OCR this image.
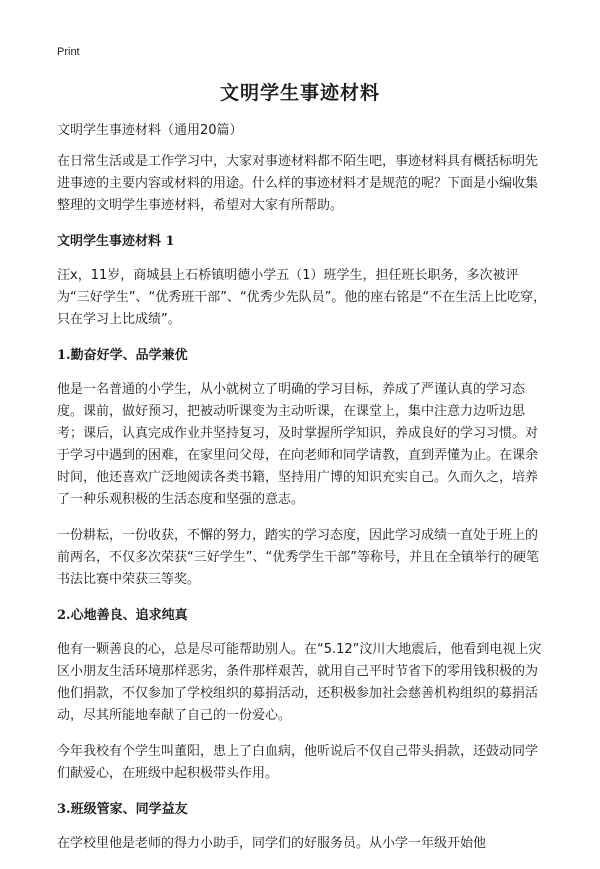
Print
文明学生事迹材料

文明学生事迹材料（通用20篇）

在日常生活或是工作学习中，大家对事迹材料都不陌生吧，事迹材料具有概括标明先进事迹的主要内容或材料的用途。什么样的事迹材料才是规范的呢？下面是小编收集整理的文明学生事迹材料，希望对大家有所帮助。

文明学生事迹材料 1

汪x，11岁，商城县上石桥镇明德小学五（1）班学生，担任班长职务，多次被评为“三好学生”、“优秀班干部”、“优秀少先队员”。他的座右铭是“不在生活上比吃穿，只在学习上比成绩”。

1.勤奋好学、品学兼优

他是一名普通的小学生，从小就树立了明确的学习目标，养成了严谨认真的学习态度。课前，做好预习，把被动听课变为主动听课，在课堂上，集中注意力边听边思考；课后，认真完成作业并坚持复习，及时掌握所学知识，养成良好的学习习惯。对于学习中遇到的困难，在家里问父母，在向老师和同学请教，直到弄懂为止。在课余时间，他还喜欢广泛地阅读各类书籍，坚持用广博的知识充实自己。久而久之，培养了一种乐观积极的生活态度和坚强的意志。

一份耕耘，一份收获，不懈的努力，踏实的学习态度，因此学习成绩一直处于班上的前两名，不仅多次荣获“三好学生”、“优秀学生干部”等称号，并且在全镇举行的硬笔书法比赛中荣获三等奖。

2.心地善良、追求纯真

他有一颗善良的心，总是尽可能帮助别人。在“5.12”汶川大地震后，他看到电视上灾区小朋友生活环境那样恶劣，条件那样艰苦，就用自己平时节省下的零用钱积极的为他们捐款，不仅参加了学校组织的募捐活动，还积极参加社会慈善机构组织的募捐活动，尽其所能地奉献了自己的一份爱心。

今年我校有个学生叫董阳，患上了白血病，他听说后不仅自己带头捐款，还鼓动同学们献爱心，在班级中起积极带头作用。

3.班级管家、同学益友

在学校里他是老师的得力小助手，同学们的好服务员。从小学一年级开始他
